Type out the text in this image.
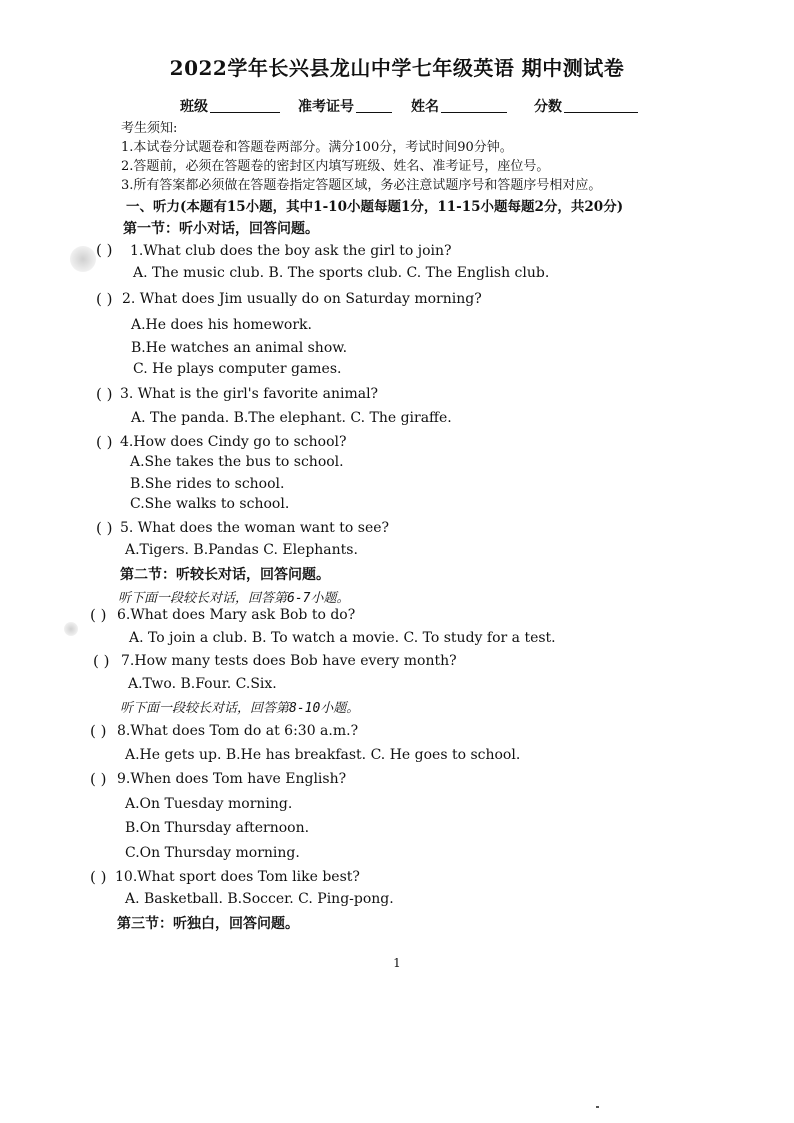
2022学年长兴县龙山中学七年级英语 期中测试卷
班级	准考证号	姓名	分数
考生须知:
1.本试卷分试题卷和答题卷两部分。满分100分，考试时间90分钟。
2.答题前，必须在答题卷的密封区内填写班级、姓名、准考证号，座位号。
3.所有答案都必须做在答题卷指定答题区域，务必注意试题序号和答题序号相对应。
一、听力(本题有15小题，其中1-10小题每题1分，11-15小题每题2分，共20分)
第一节：听小对话，回答问题。
( ) 1.What club does the boy ask the girl to join?
A. The music club. B. The sports club. C. The English club.
( ) 2. What does Jim usually do on Saturday morning?
A.He does his homework.
B.He watches an animal show.
C. He plays computer games.
( ) 3. What is the girl's favorite animal?
A. The panda. B.The elephant. C. The giraffe.
( ) 4.How does Cindy go to school?
A.She takes the bus to school.
B.She rides to school.
C.She walks to school.
( ) 5. What does the woman want to see?
A.Tigers. B.Pandas C. Elephants.
第二节：听较长对话，回答问题。
听下面一段较长对话，回答第6-7小题。
( ) 6.What does Mary ask Bob to do?
A. To join a club. B. To watch a movie. C. To study for a test.
( ) 7.How many tests does Bob have every month?
A.Two. B.Four. C.Six.
听下面一段较长对话，回答第8-10小题。
( ) 8.What does Tom do at 6:30 a.m.?
A.He gets up. B.He has breakfast. C. He goes to school.
( ) 9.When does Tom have English?
A.On Tuesday morning.
B.On Thursday afternoon.
C.On Thursday morning.
( ) 10.What sport does Tom like best?
A. Basketball. B.Soccer. C. Ping-pong.
第三节：听独白，回答问题。
1
